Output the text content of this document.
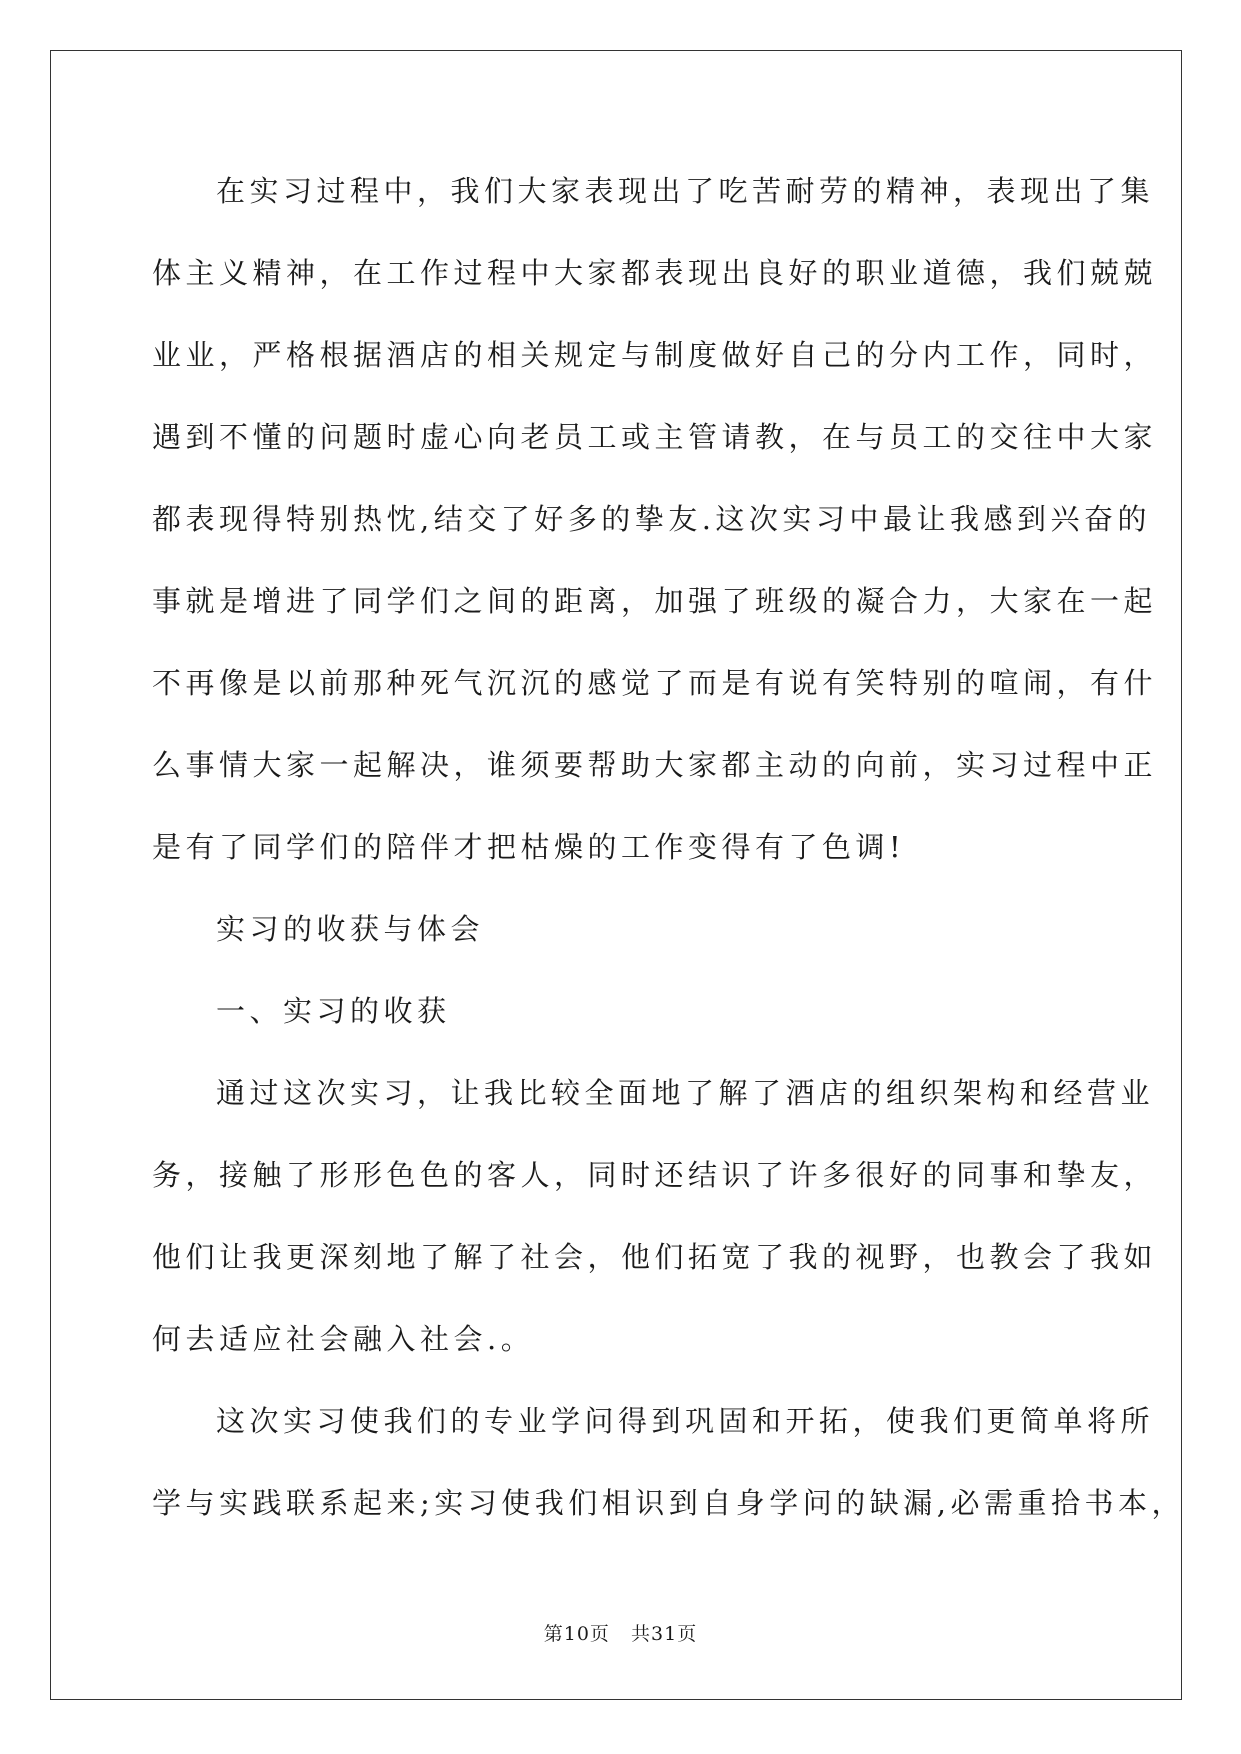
在实习过程中，我们大家表现出了吃苦耐劳的精神，表现出了集
体主义精神，在工作过程中大家都表现出良好的职业道德，我们兢兢
业业，严格根据酒店的相关规定与制度做好自己的分内工作，同时，
遇到不懂的问题时虚心向老员工或主管请教，在与员工的交往中大家
都表现得特别热忱,结交了好多的挚友.这次实习中最让我感到兴奋的
事就是增进了同学们之间的距离，加强了班级的凝合力，大家在一起
不再像是以前那种死气沉沉的感觉了而是有说有笑特别的喧闹，有什
么事情大家一起解决，谁须要帮助大家都主动的向前，实习过程中正
是有了同学们的陪伴才把枯燥的工作变得有了色调!
实习的收获与体会
一、实习的收获
通过这次实习，让我比较全面地了解了酒店的组织架构和经营业
务，接触了形形色色的客人，同时还结识了许多很好的同事和挚友，
他们让我更深刻地了解了社会，他们拓宽了我的视野，也教会了我如
何去适应社会融入社会.。
这次实习使我们的专业学问得到巩固和开拓，使我们更简单将所
学与实践联系起来;实习使我们相识到自身学问的缺漏,必需重拾书本，
第10页   共31页
